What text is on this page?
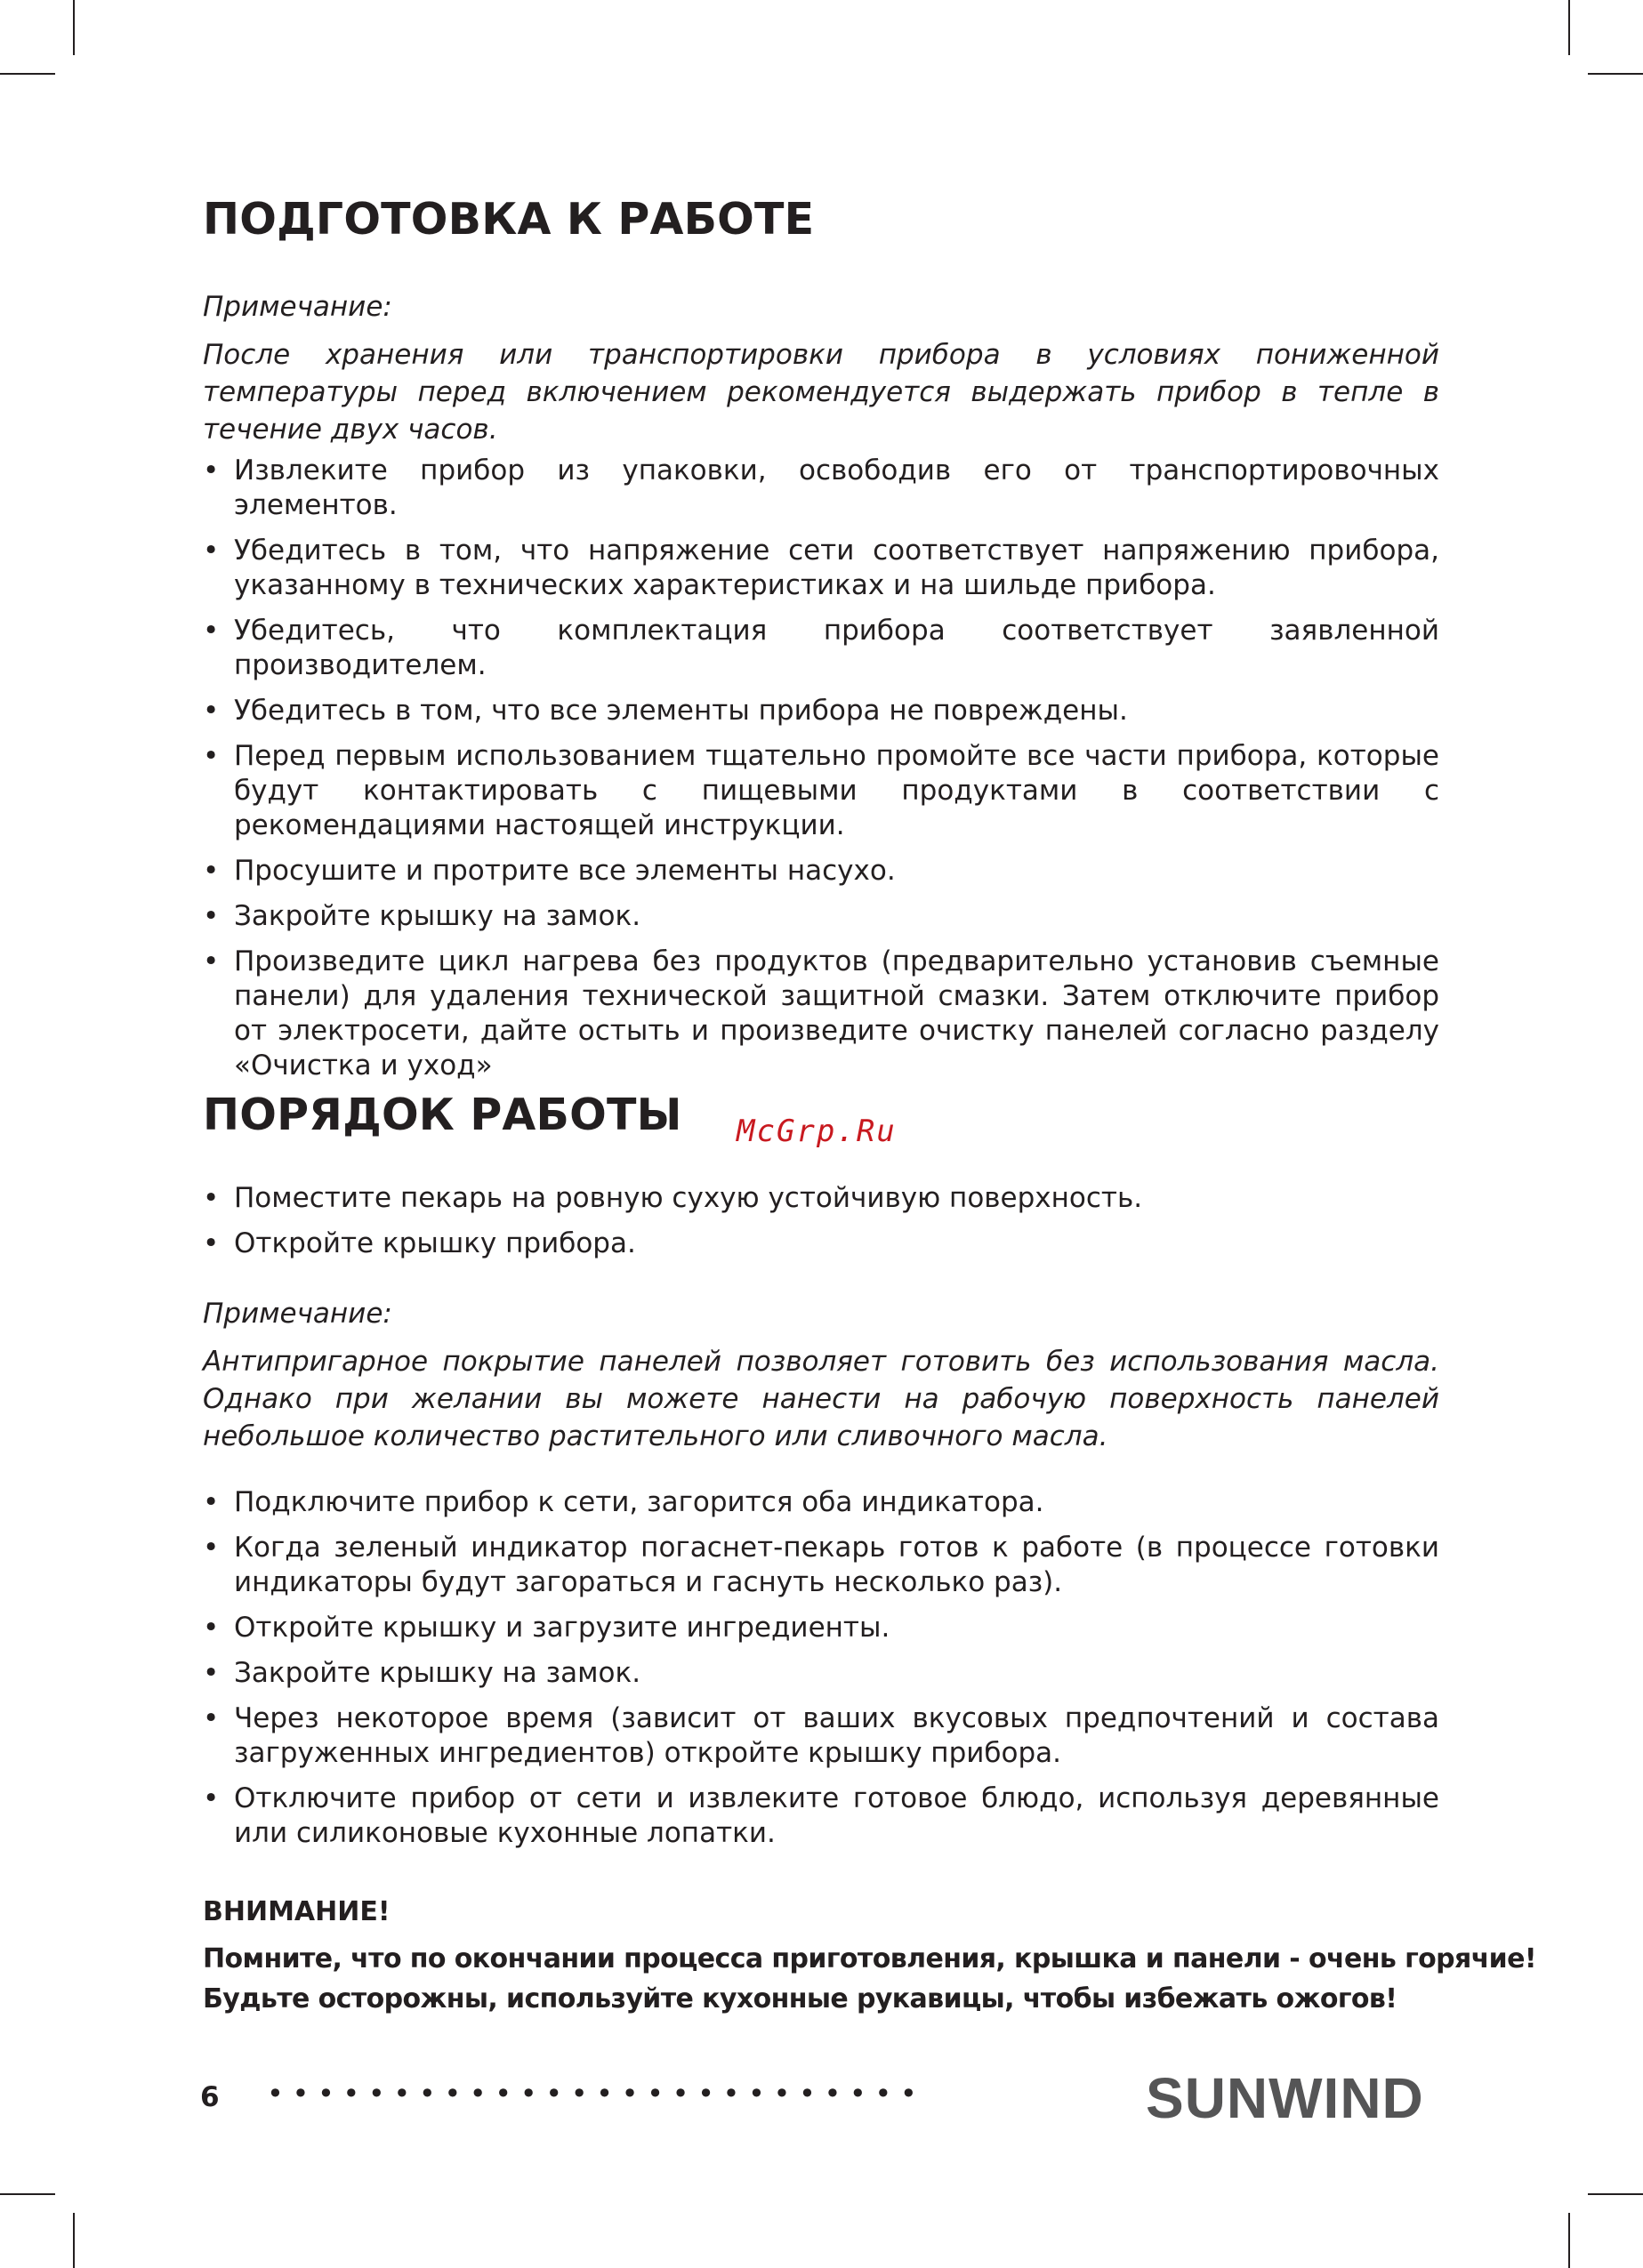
ПОДГОТОВКА К РАБОТЕ

Примечание:

После хранения или транспортировки прибора в условиях пониженной температуры перед включением рекомендуется выдержать прибор в тепле в течение двух часов.

• Извлеките прибор из упаковки, освободив его от транспортировочных элементов.
• Убедитесь в том, что напряжение сети соответствует напряжению прибора, указанному в технических характеристиках и на шильде прибора.
• Убедитесь, что комплектация прибора соответствует заявленной производителем.
• Убедитесь в том, что все элементы прибора не повреждены.
• Перед первым использованием тщательно промойте все части прибора, которые будут контактировать с пищевыми продуктами в соответствии с рекомендациями настоящей инструкции.
• Просушите и протрите все элементы насухо.
• Закройте крышку на замок.
• Произведите цикл нагрева без продуктов (предварительно установив съемные панели) для удаления технической защитной смазки. Затем отключите прибор от электросети, дайте остыть и произведите очистку панелей согласно разделу «Очистка и уход»
ПОРЯДОК РАБОТЫ
• Поместите пекарь на ровную сухую устойчивую поверхность.
• Откройте крышку прибора.

Примечание:

Антипригарное покрытие панелей позволяет готовить без использования масла. Однако при желании вы можете нанести на рабочую поверхность панелей небольшое количество растительного или сливочного масла.

• Подключите прибор к сети, загорится оба индикатора.
• Когда зеленый индикатор погаснет-пекарь готов к работе (в процессе готовки индикаторы будут загораться и гаснуть несколько раз).
• Откройте крышку и загрузите ингредиенты.
• Закройте крышку на замок.
• Через некоторое время (зависит от ваших вкусовых предпочтений и состава загруженных ингредиентов) откройте крышку прибора.
• Отключите прибор от сети и извлеките готовое блюдо, используя деревянные или силиконовые кухонные лопатки.

ВНИМАНИЕ!

Помните, что по окончании процесса приготовления, крышка и панели - очень горячие!

Будьте осторожны, используйте кухонные рукавицы, чтобы избежать ожогов!

McGrp.Ru
6 ••••••••••••••••••••••••••	SUNWIND
